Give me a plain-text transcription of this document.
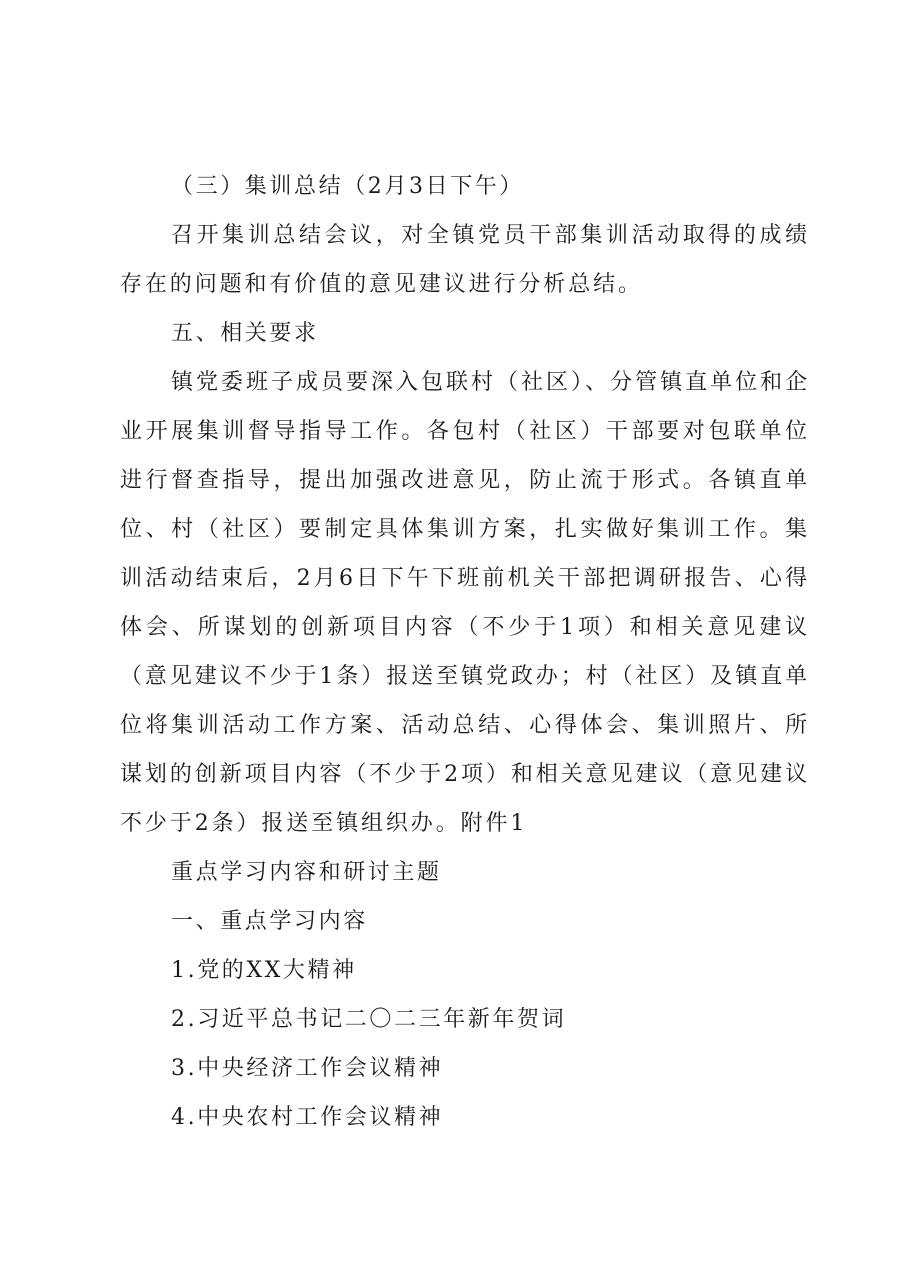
（三）集训总结（2月3日下午）

召开集训总结会议，对全镇党员干部集训活动取得的成绩存在的问题和有价值的意见建议进行分析总结。

五、相关要求

镇党委班子成员要深入包联村（社区）、分管镇直单位和企业开展集训督导指导工作。各包村（社区）干部要对包联单位进行督查指导，提出加强改进意见，防止流于形式。各镇直单位、村（社区）要制定具体集训方案，扎实做好集训工作。集训活动结束后，2月6日下午下班前机关干部把调研报告、心得体会、所谋划的创新项目内容（不少于1项）和相关意见建议（意见建议不少于1条）报送至镇党政办；村（社区）及镇直单位将集训活动工作方案、活动总结、心得体会、集训照片、所谋划的创新项目内容（不少于2项）和相关意见建议（意见建议不少于2条）报送至镇组织办。附件1

重点学习内容和研讨主题

一、重点学习内容

1.党的XX大精神

2.习近平总书记二〇二三年新年贺词

3.中央经济工作会议精神

4.中央农村工作会议精神
